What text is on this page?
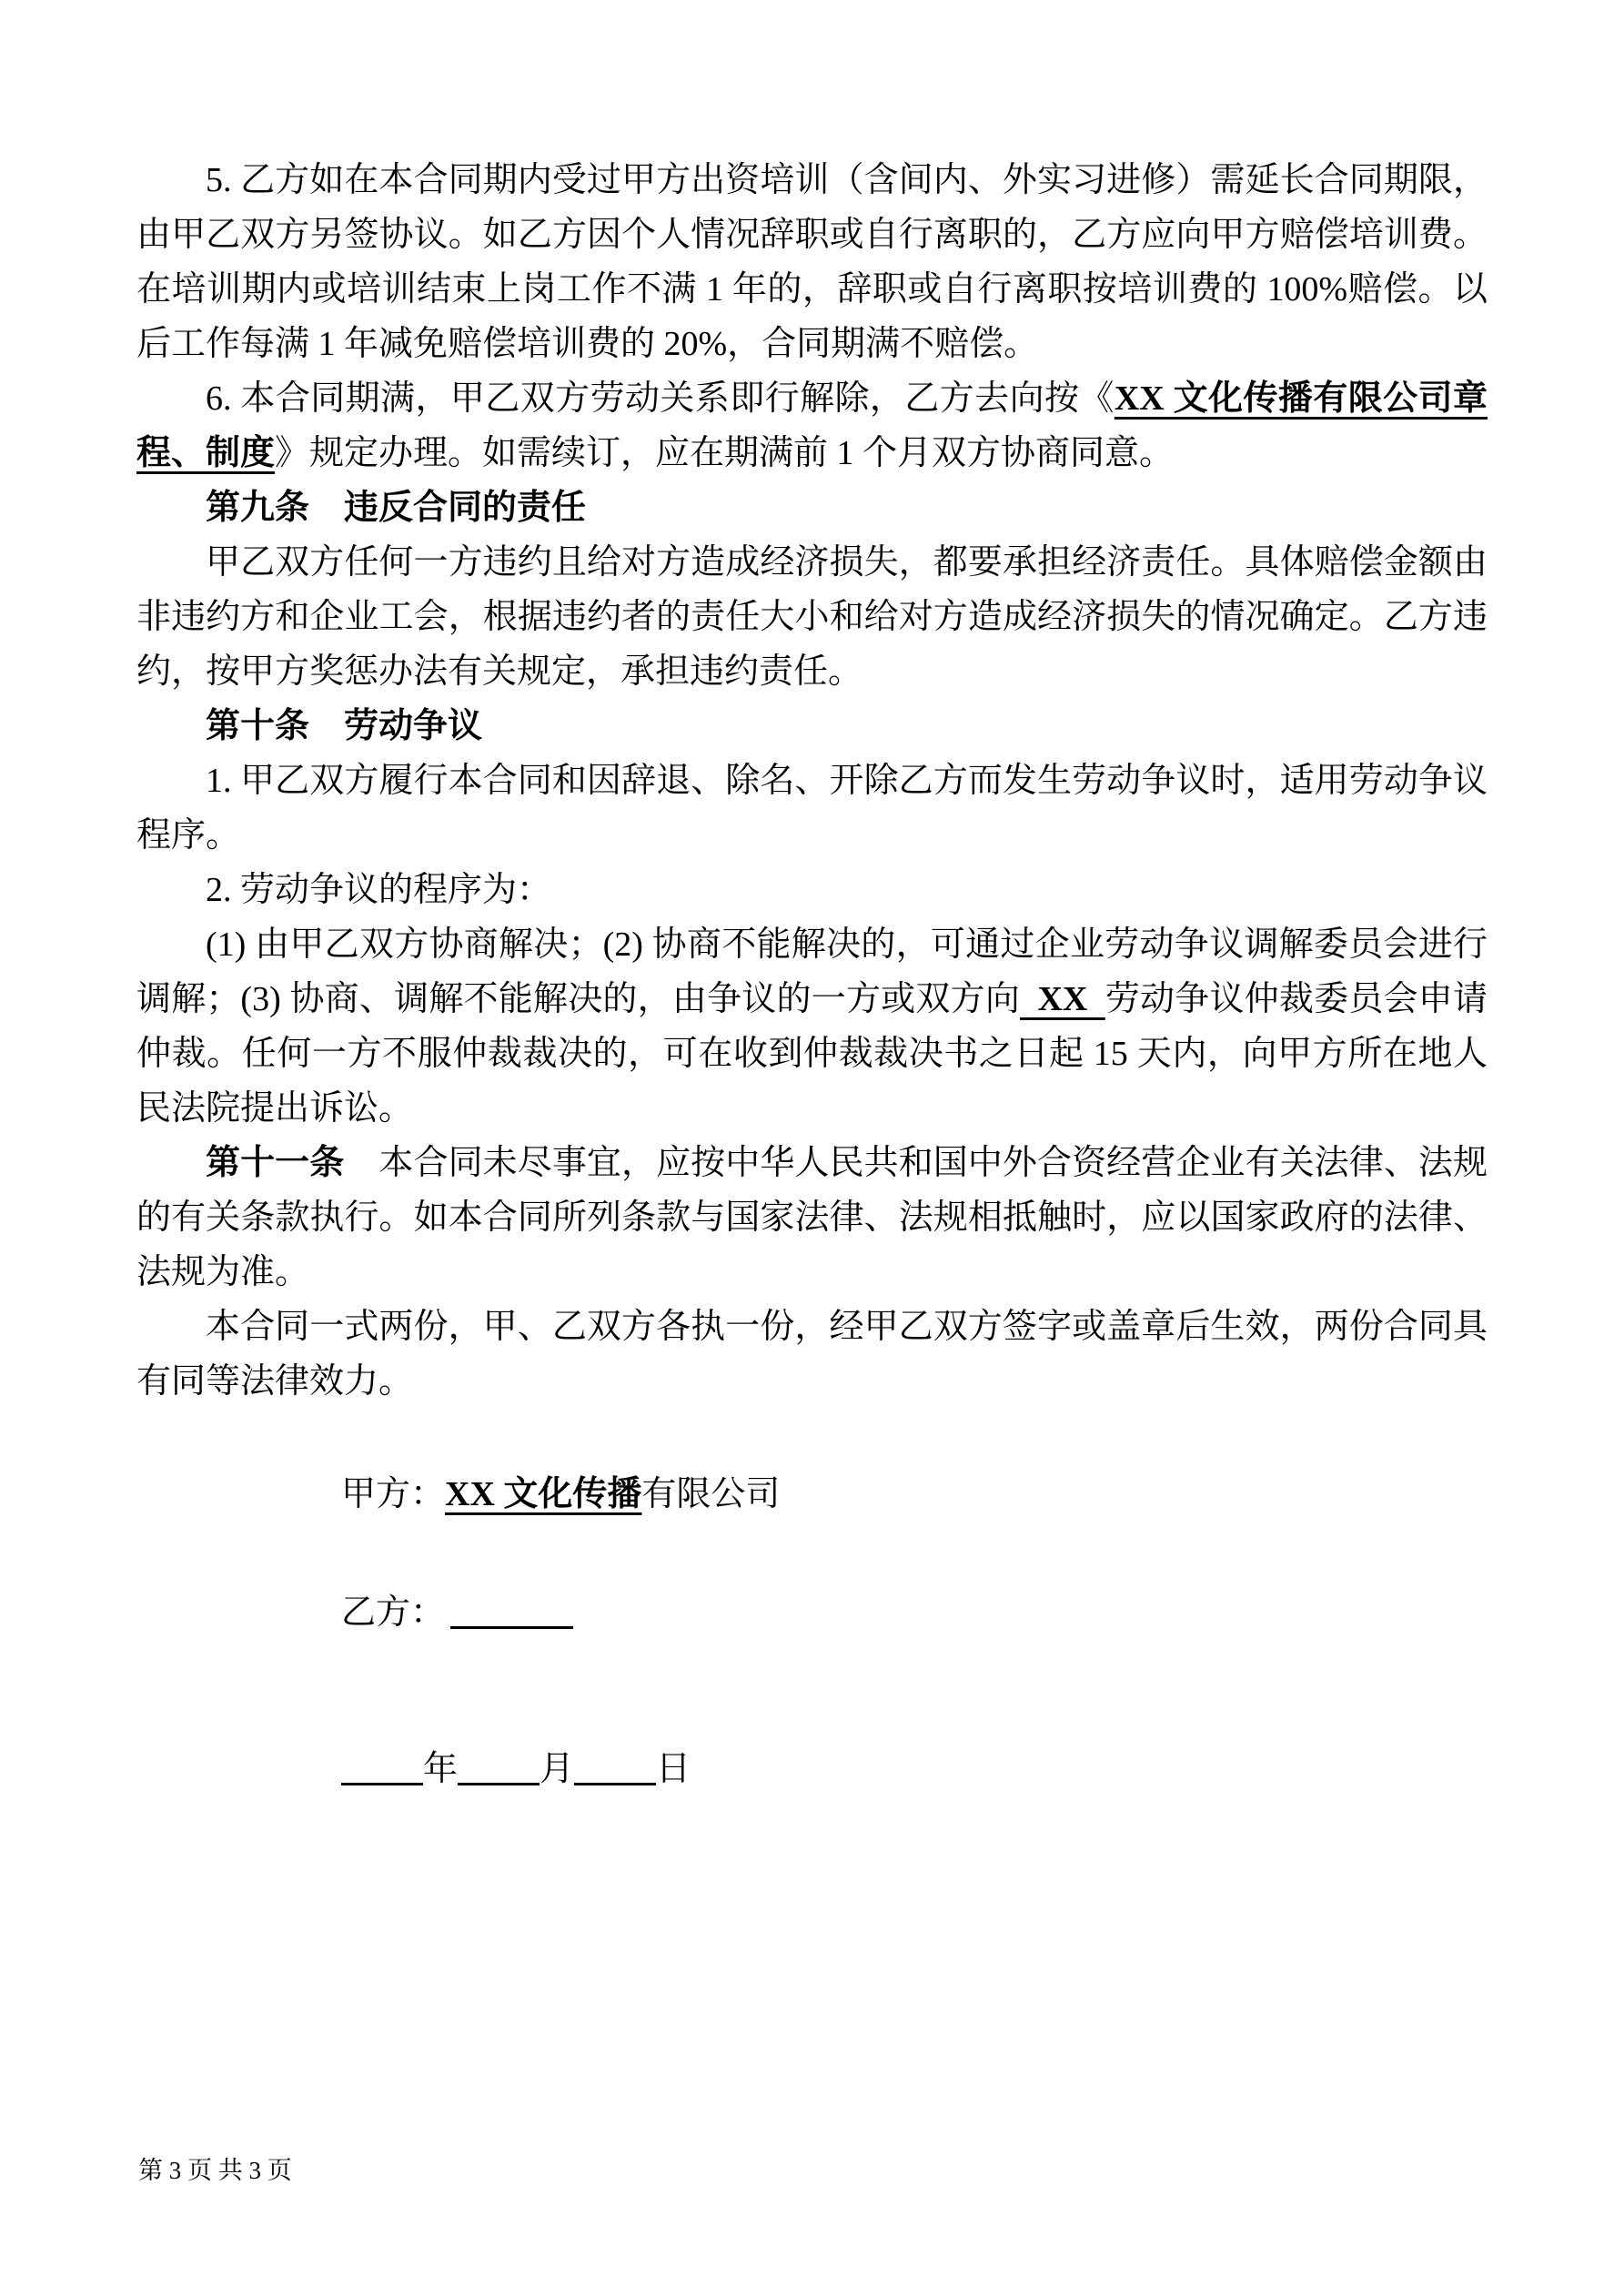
5. 乙方如在本合同期内受过甲方出资培训（含间内、外实习进修）需延长合同期限，由甲乙双方另签协议。如乙方因个人情况辞职或自行离职的，乙方应向甲方赔偿培训费。在培训期内或培训结束上岗工作不满 1 年的，辞职或自行离职按培训费的 100%赔偿。以后工作每满 1 年减免赔偿培训费的 20%，合同期满不赔偿。

6. 本合同期满，甲乙双方劳动关系即行解除，乙方去向按《XX 文化传播有限公司章程、制度》规定办理。如需续订，应在期满前 1 个月双方协商同意。

第九条　违反合同的责任

甲乙双方任何一方违约且给对方造成经济损失，都要承担经济责任。具体赔偿金额由非违约方和企业工会，根据违约者的责任大小和给对方造成经济损失的情况确定。乙方违约，按甲方奖惩办法有关规定，承担违约责任。

第十条　劳动争议

1. 甲乙双方履行本合同和因辞退、除名、开除乙方而发生劳动争议时，适用劳动争议程序。

2. 劳动争议的程序为：

(1) 由甲乙双方协商解决；(2) 协商不能解决的，可通过企业劳动争议调解委员会进行调解；(3) 协商、调解不能解决的，由争议的一方或双方向  XX  劳动争议仲裁委员会申请仲裁。任何一方不服仲裁裁决的，可在收到仲裁裁决书之日起 15 天内，向甲方所在地人民法院提出诉讼。

第十一条　本合同未尽事宜，应按中华人民共和国中外合资经营企业有关法律、法规的有关条款执行。如本合同所列条款与国家法律、法规相抵触时，应以国家政府的法律、法规为准。

本合同一式两份，甲、乙双方各执一份，经甲乙双方签字或盖章后生效，两份合同具有同等法律效力。

甲方：XX 文化传播有限公司

乙方：

年 月 日

第 3 页 共 3 页
